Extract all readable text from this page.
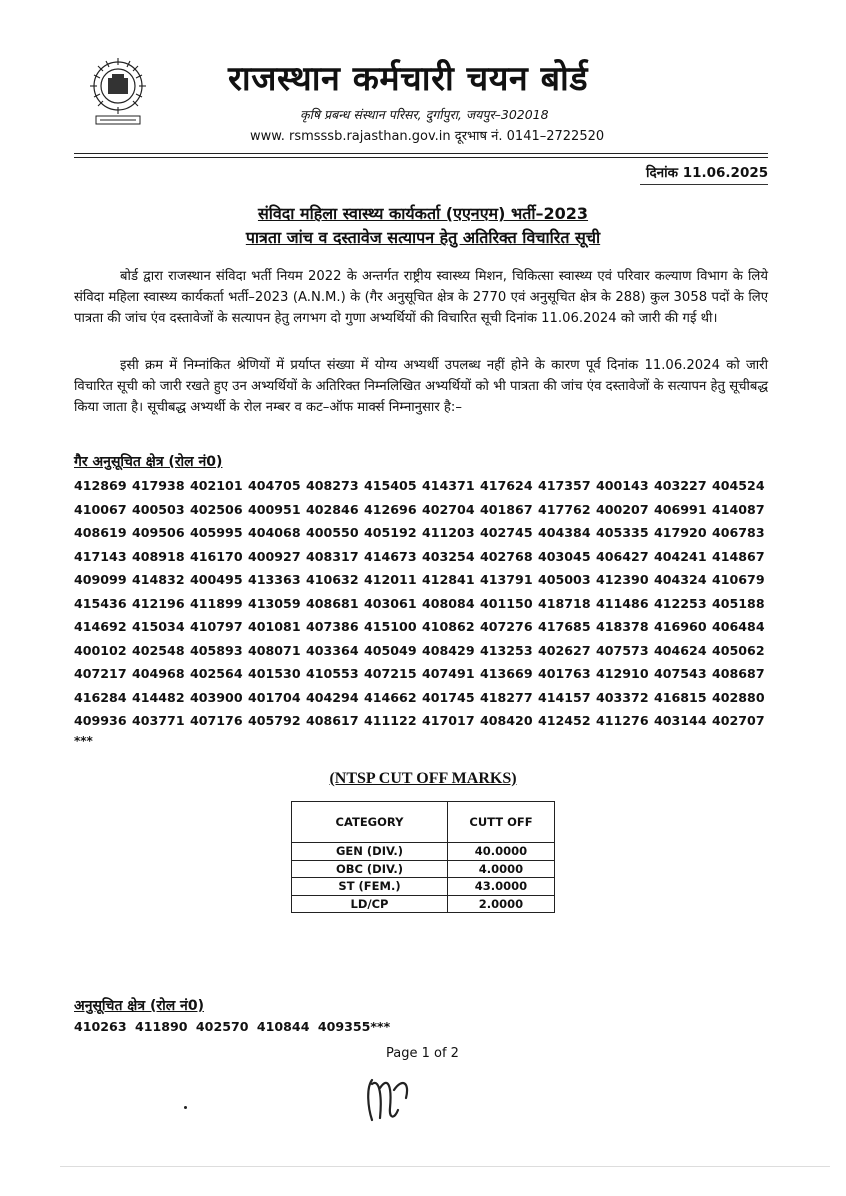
राजस्थान कर्मचारी चयन बोर्ड
कृषि प्रबन्ध संस्थान परिसर, दुर्गापुरा, जयपुर–302018
www. rsmsssb.rajasthan.gov.in दूरभाष नं. 0141–2722520
दिनांक 11.06.2025
संविदा महिला स्वास्थ्य कार्यकर्ता (एएनएम) भर्ती–2023
पात्रता जांच व दस्तावेज सत्यापन हेतु अतिरिक्त विचारित सूची
बोर्ड द्वारा राजस्थान संविदा भर्ती नियम 2022 के अन्तर्गत राष्ट्रीय स्वास्थ्य मिशन, चिकित्सा स्वास्थ्य एवं परिवार कल्याण विभाग के लिये संविदा महिला स्वास्थ्य कार्यकर्ता भर्ती–2023 (A.N.M.) के (गैर अनुसूचित क्षेत्र के 2770 एवं अनुसूचित क्षेत्र के 288) कुल 3058 पदों के लिए पात्रता की जांच एंव दस्तावेजों के सत्यापन हेतु लगभग दो गुणा अभ्यर्थियों की विचारित सूची दिनांक 11.06.2024 को जारी की गई थी।
इसी क्रम में निम्नांकित श्रेणियों में प्रर्याप्त संख्या में योग्य अभ्यर्थी उपलब्ध नहीं होने के कारण पूर्व दिनांक 11.06.2024 को जारी विचारित सूची को जारी रखते हुए उन अभ्यर्थियों के अतिरिक्त निम्नलिखित अभ्यर्थियों को भी पात्रता की जांच एंव दस्तावेजों के सत्यापन हेतु सूचीबद्ध किया जाता है। सूचीबद्ध अभ्यर्थी के रोल नम्बर व कट–ऑफ मार्क्स निम्नानुसार है:–
गैर अनुसूचित क्षेत्र (रोल नं0)
412869 417938 402101 404705 408273 415405 414371 417624 417357 400143 403227 404524
410067 400503 402506 400951 402846 412696 402704 401867 417762 400207 406991 414087
408619 409506 405995 404068 400550 405192 411203 402745 404384 405335 417920 406783
417143 408918 416170 400927 408317 414673 403254 402768 403045 406427 404241 414867
409099 414832 400495 413363 410632 412011 412841 413791 405003 412390 404324 410679
415436 412196 411899 413059 408681 403061 408084 401150 418718 411486 412253 405188
414692 415034 410797 401081 407386 415100 410862 407276 417685 418378 416960 406484
400102 402548 405893 408071 403364 405049 408429 413253 402627 407573 404624 405062
407217 404968 402564 401530 410553 407215 407491 413669 401763 412910 407543 408687
416284 414482 403900 401704 404294 414662 401745 418277 414157 403372 416815 402880
409936 403771 407176 405792 408617 411122 417017 408420 412452 411276 403144 402707
***
(NTSP CUT OFF MARKS)
CATEGORY	CUTT OFF
GEN (DIV.)	40.0000
OBC (DIV.)	4.0000
ST (FEM.)	43.0000
LD/CP	2.0000
अनुसूचित क्षेत्र (रोल नं0)
410263 411890 402570 410844 409355***
Page 1 of 2
